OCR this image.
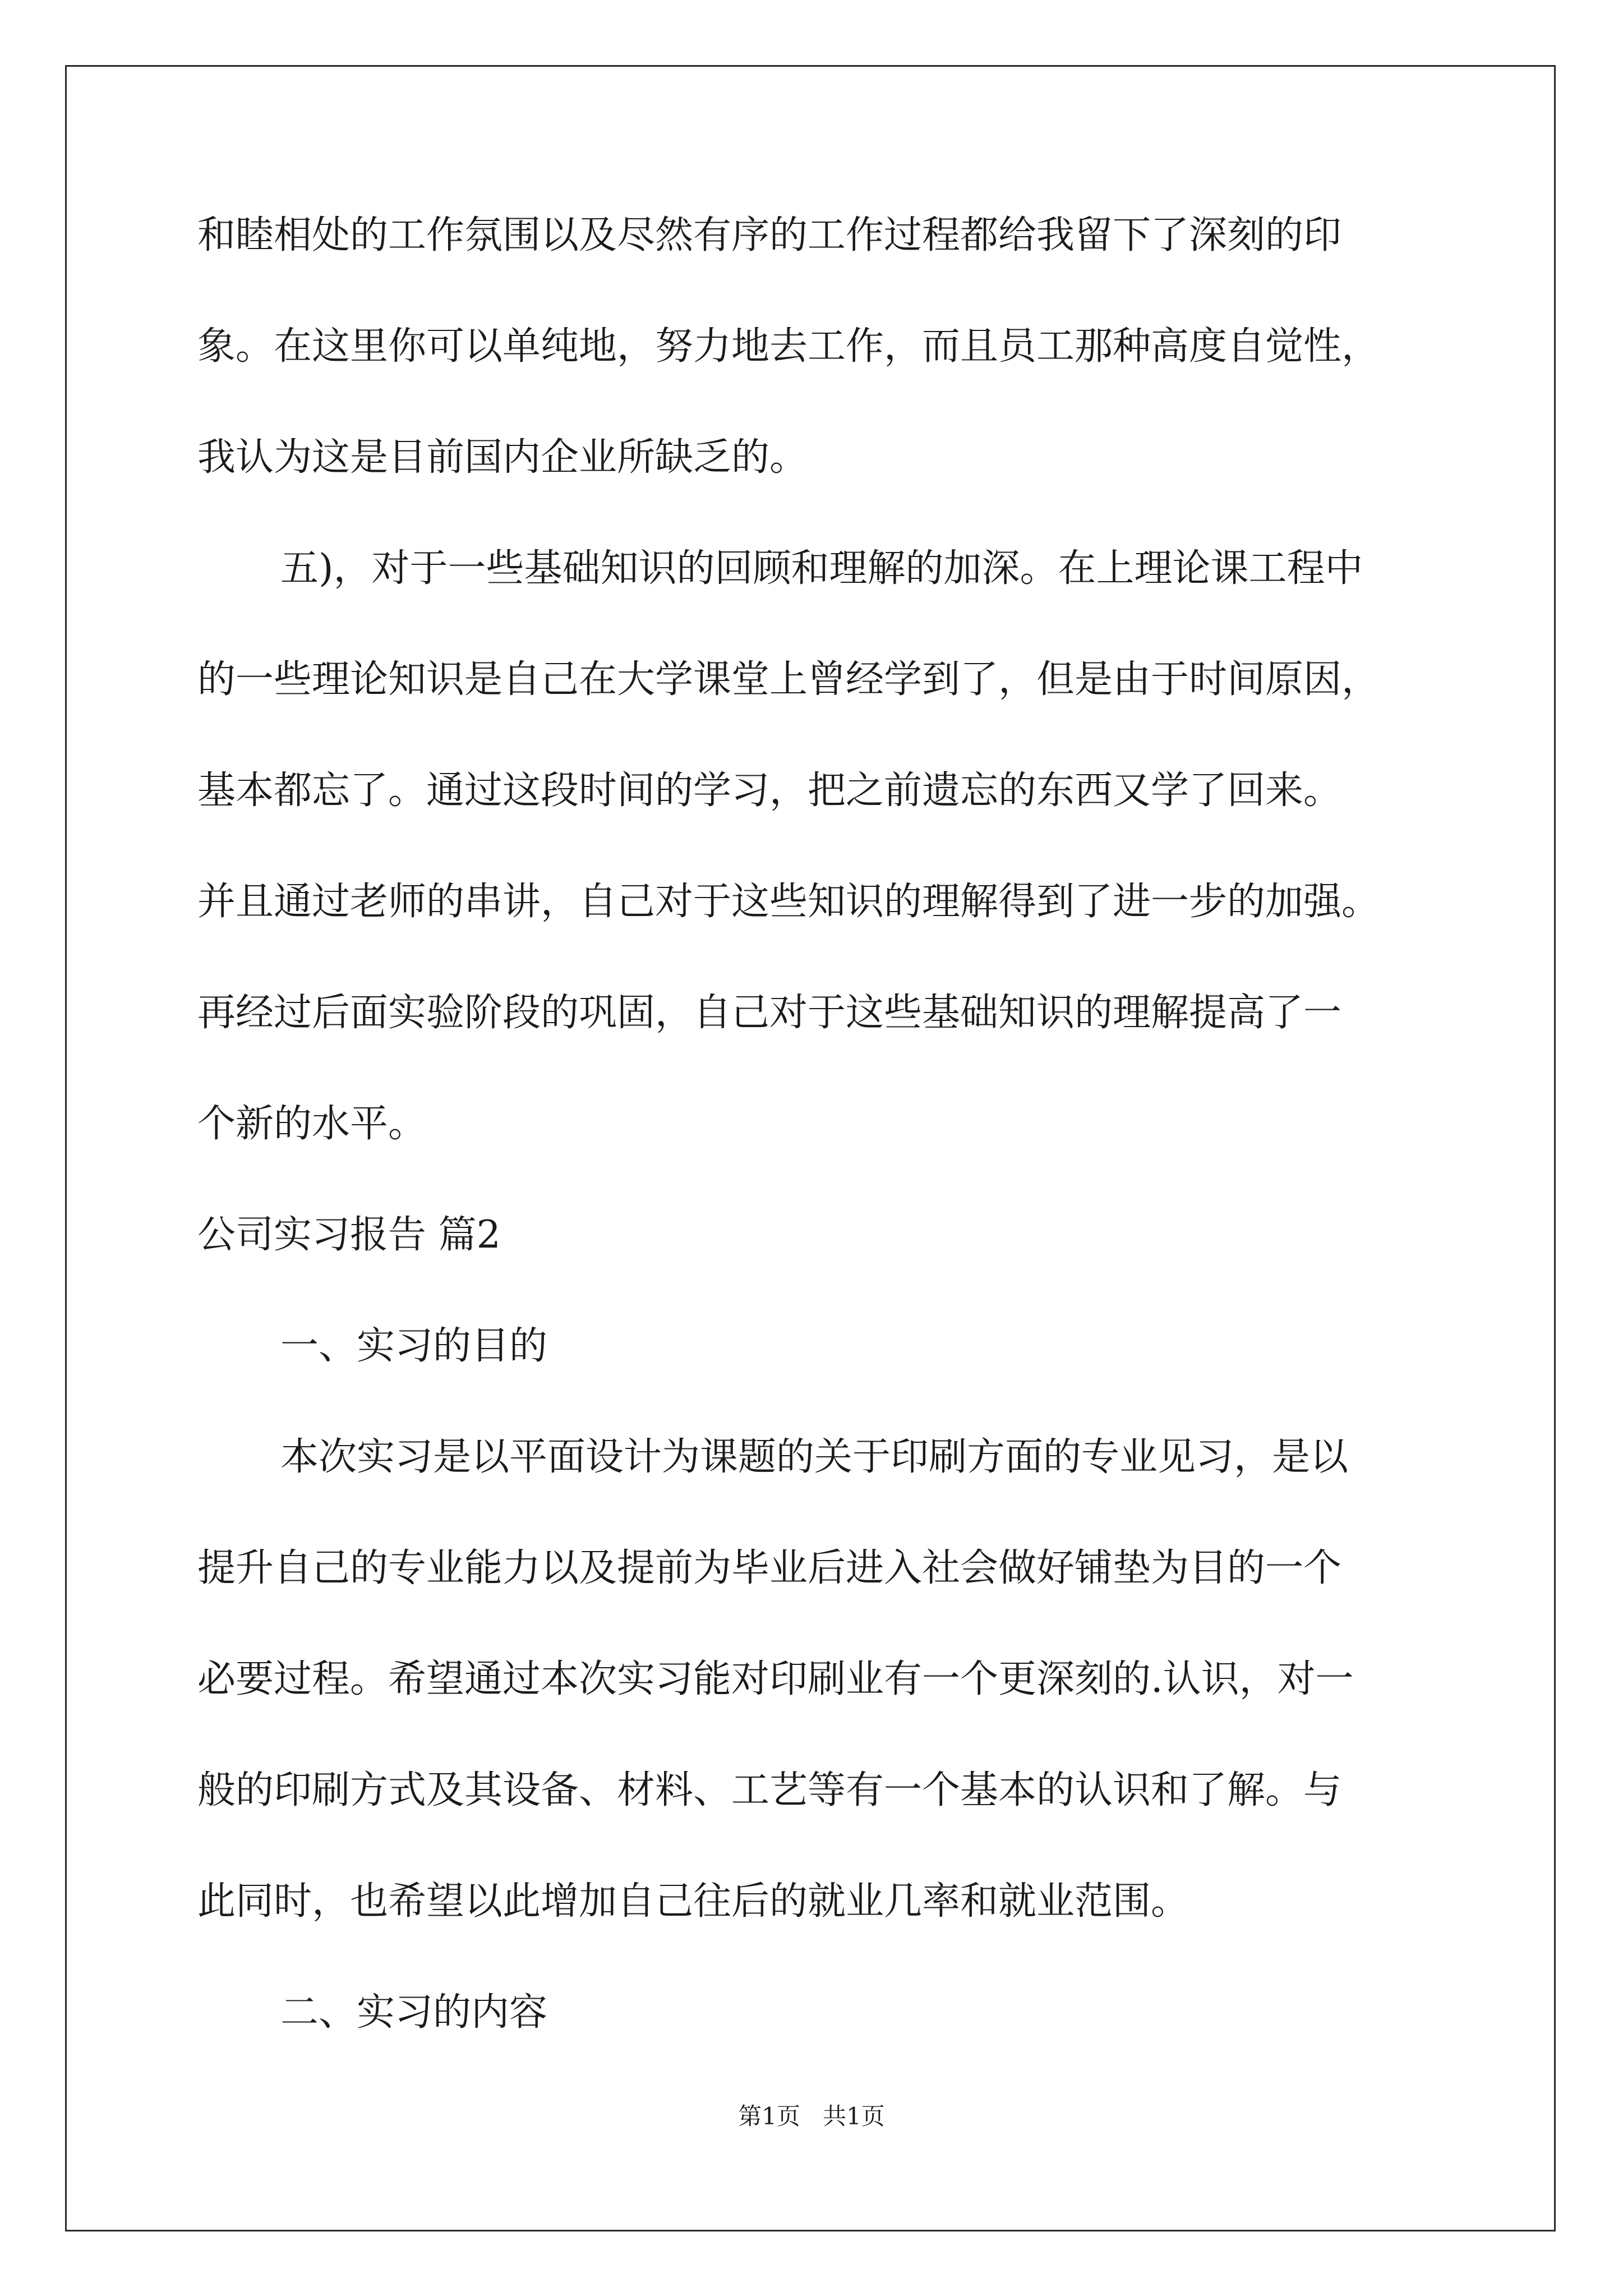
和睦相处的工作氛围以及尽然有序的工作过程都给我留下了深刻的印
象。在这里你可以单纯地，努力地去工作，而且员工那种高度自觉性，
我认为这是目前国内企业所缺乏的。
五)，对于一些基础知识的回顾和理解的加深。在上理论课工程中
的一些理论知识是自己在大学课堂上曾经学到了，但是由于时间原因，
基本都忘了。通过这段时间的学习，把之前遗忘的东西又学了回来。
并且通过老师的串讲，自己对于这些知识的理解得到了进一步的加强。
再经过后面实验阶段的巩固，自己对于这些基础知识的理解提高了一
个新的水平。
公司实习报告 篇2
一、实习的目的
本次实习是以平面设计为课题的关于印刷方面的专业见习，是以
提升自己的专业能力以及提前为毕业后进入社会做好铺垫为目的一个
必要过程。希望通过本次实习能对印刷业有一个更深刻的.认识，对一
般的印刷方式及其设备、材料、工艺等有一个基本的认识和了解。与
此同时，也希望以此增加自己往后的就业几率和就业范围。
二、实习的内容
第1页   共1页
